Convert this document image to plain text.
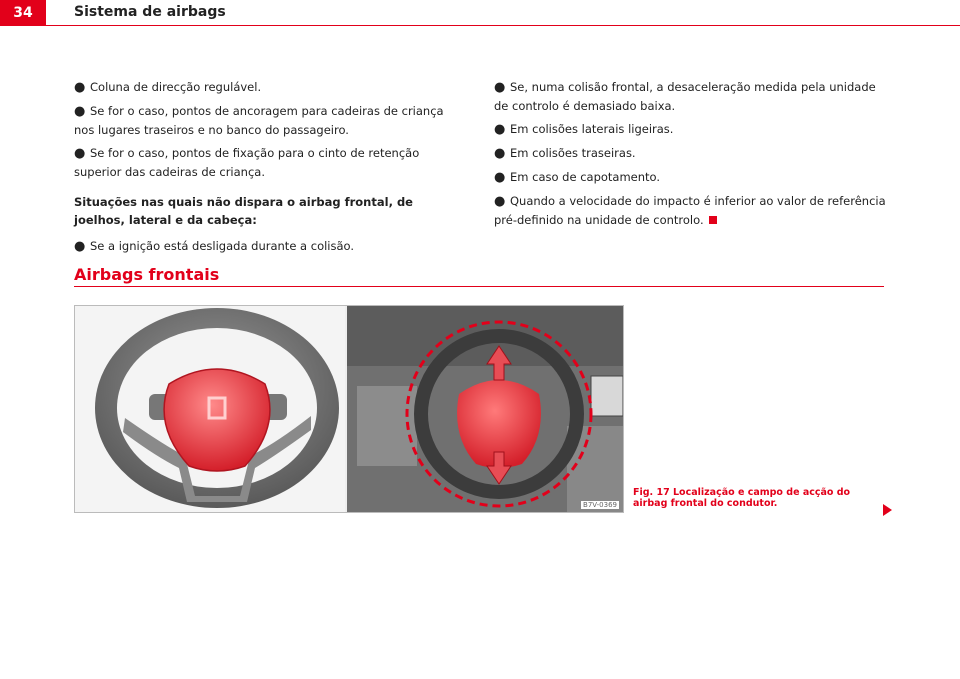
34	Sistema de airbags
● Coluna de direcção regulável.
● Se for o caso, pontos de ancoragem para cadeiras de criança nos lugares traseiros e no banco do passageiro.
● Se for o caso, pontos de fixação para o cinto de retenção superior das cadeiras de criança.
Situações nas quais não dispara o airbag frontal, de joelhos, lateral e da cabeça:
● Se a ignição está desligada durante a colisão.
● Se, numa colisão frontal, a desaceleração medida pela unidade de controlo é demasiado baixa.
● Em colisões laterais ligeiras.
● Em colisões traseiras.
● Em caso de capotamento.
● Quando a velocidade do impacto é inferior ao valor de referência pré-definido na unidade de controlo.
Airbags frontais
B7V-0369
Fig. 17 Localização e campo de acção do airbag frontal do condutor.
